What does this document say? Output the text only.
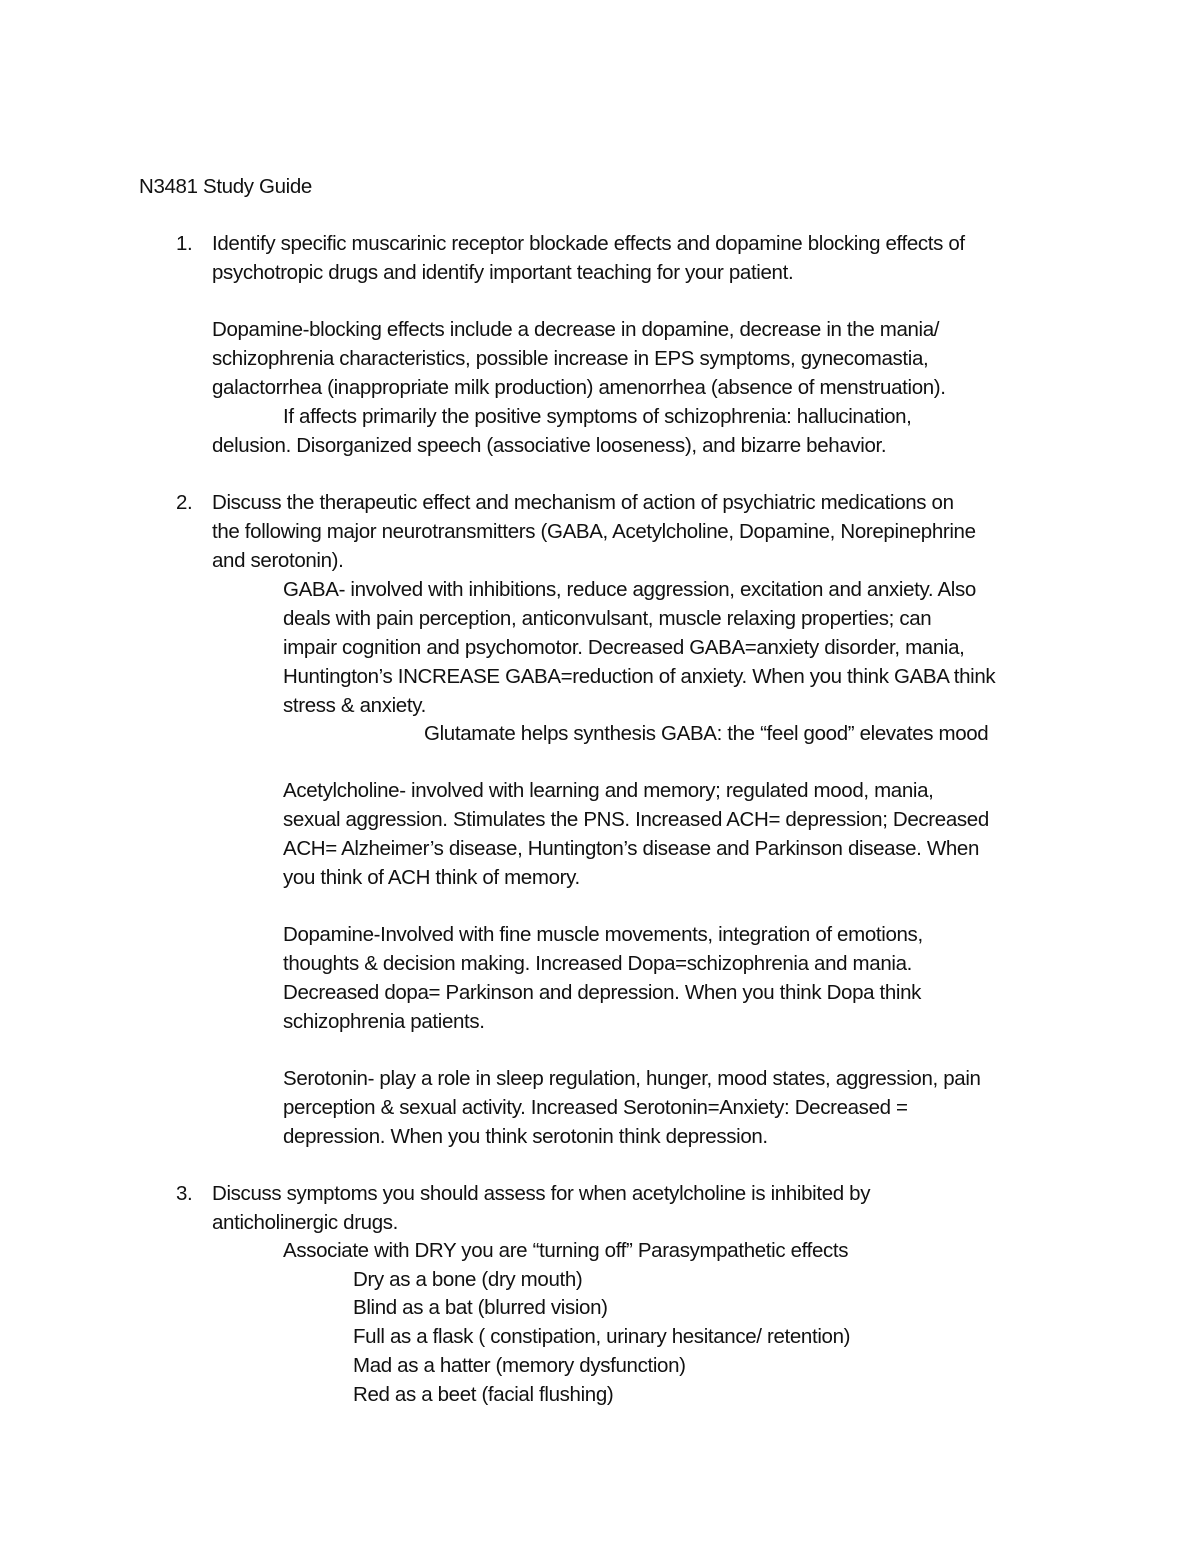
N3481 Study Guide
1. Identify specific muscarinic receptor blockade effects and dopamine blocking effects of
psychotropic drugs and identify important teaching for your patient.
Dopamine-blocking effects include a decrease in dopamine, decrease in the mania/
schizophrenia characteristics, possible increase in EPS symptoms, gynecomastia,
galactorrhea (inappropriate milk production) amenorrhea (absence of menstruation).
If affects primarily the positive symptoms of schizophrenia: hallucination,
delusion. Disorganized speech (associative looseness), and bizarre behavior.
2. Discuss the therapeutic effect and mechanism of action of psychiatric medications on
the following major neurotransmitters (GABA, Acetylcholine, Dopamine, Norepinephrine
and serotonin).
GABA- involved with inhibitions, reduce aggression, excitation and anxiety. Also
deals with pain perception, anticonvulsant, muscle relaxing properties; can
impair cognition and psychomotor. Decreased GABA=anxiety disorder, mania,
Huntington’s INCREASE GABA=reduction of anxiety. When you think GABA think
stress & anxiety.
Glutamate helps synthesis GABA: the “feel good” elevates mood
Acetylcholine- involved with learning and memory; regulated mood, mania,
sexual aggression. Stimulates the PNS. Increased ACH= depression; Decreased
ACH= Alzheimer’s disease, Huntington’s disease and Parkinson disease. When
you think of ACH think of memory.
Dopamine-Involved with fine muscle movements, integration of emotions,
thoughts & decision making. Increased Dopa=schizophrenia and mania.
Decreased dopa= Parkinson and depression. When you think Dopa think
schizophrenia patients.
Serotonin- play a role in sleep regulation, hunger, mood states, aggression, pain
perception & sexual activity. Increased Serotonin=Anxiety: Decreased =
depression. When you think serotonin think depression.
3. Discuss symptoms you should assess for when acetylcholine is inhibited by
anticholinergic drugs.
Associate with DRY you are “turning off” Parasympathetic effects
Dry as a bone (dry mouth)
Blind as a bat (blurred vision)
Full as a flask ( constipation, urinary hesitance/ retention)
Mad as a hatter (memory dysfunction)
Red as a beet (facial flushing)
